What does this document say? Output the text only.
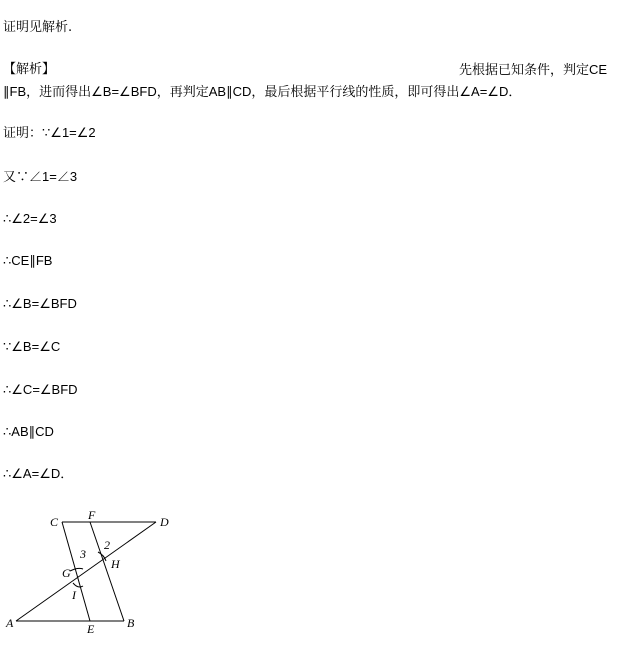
证明见解析.
【解析】	先根据已知条件，判定CE
∥FB，进而得出∠B=∠BFD，再判定AB∥CD，最后根据平行线的性质，即可得出∠A=∠D．
证明：∵∠1=∠2
又∵∠1=∠3
∴∠2=∠3
∴CE∥FB
∴∠B=∠BFD
∵∠B=∠C
∴∠C=∠BFD
∴AB∥CD
∴∠A=∠D．
C F	D
G
H
I
A	E	B
3
2
